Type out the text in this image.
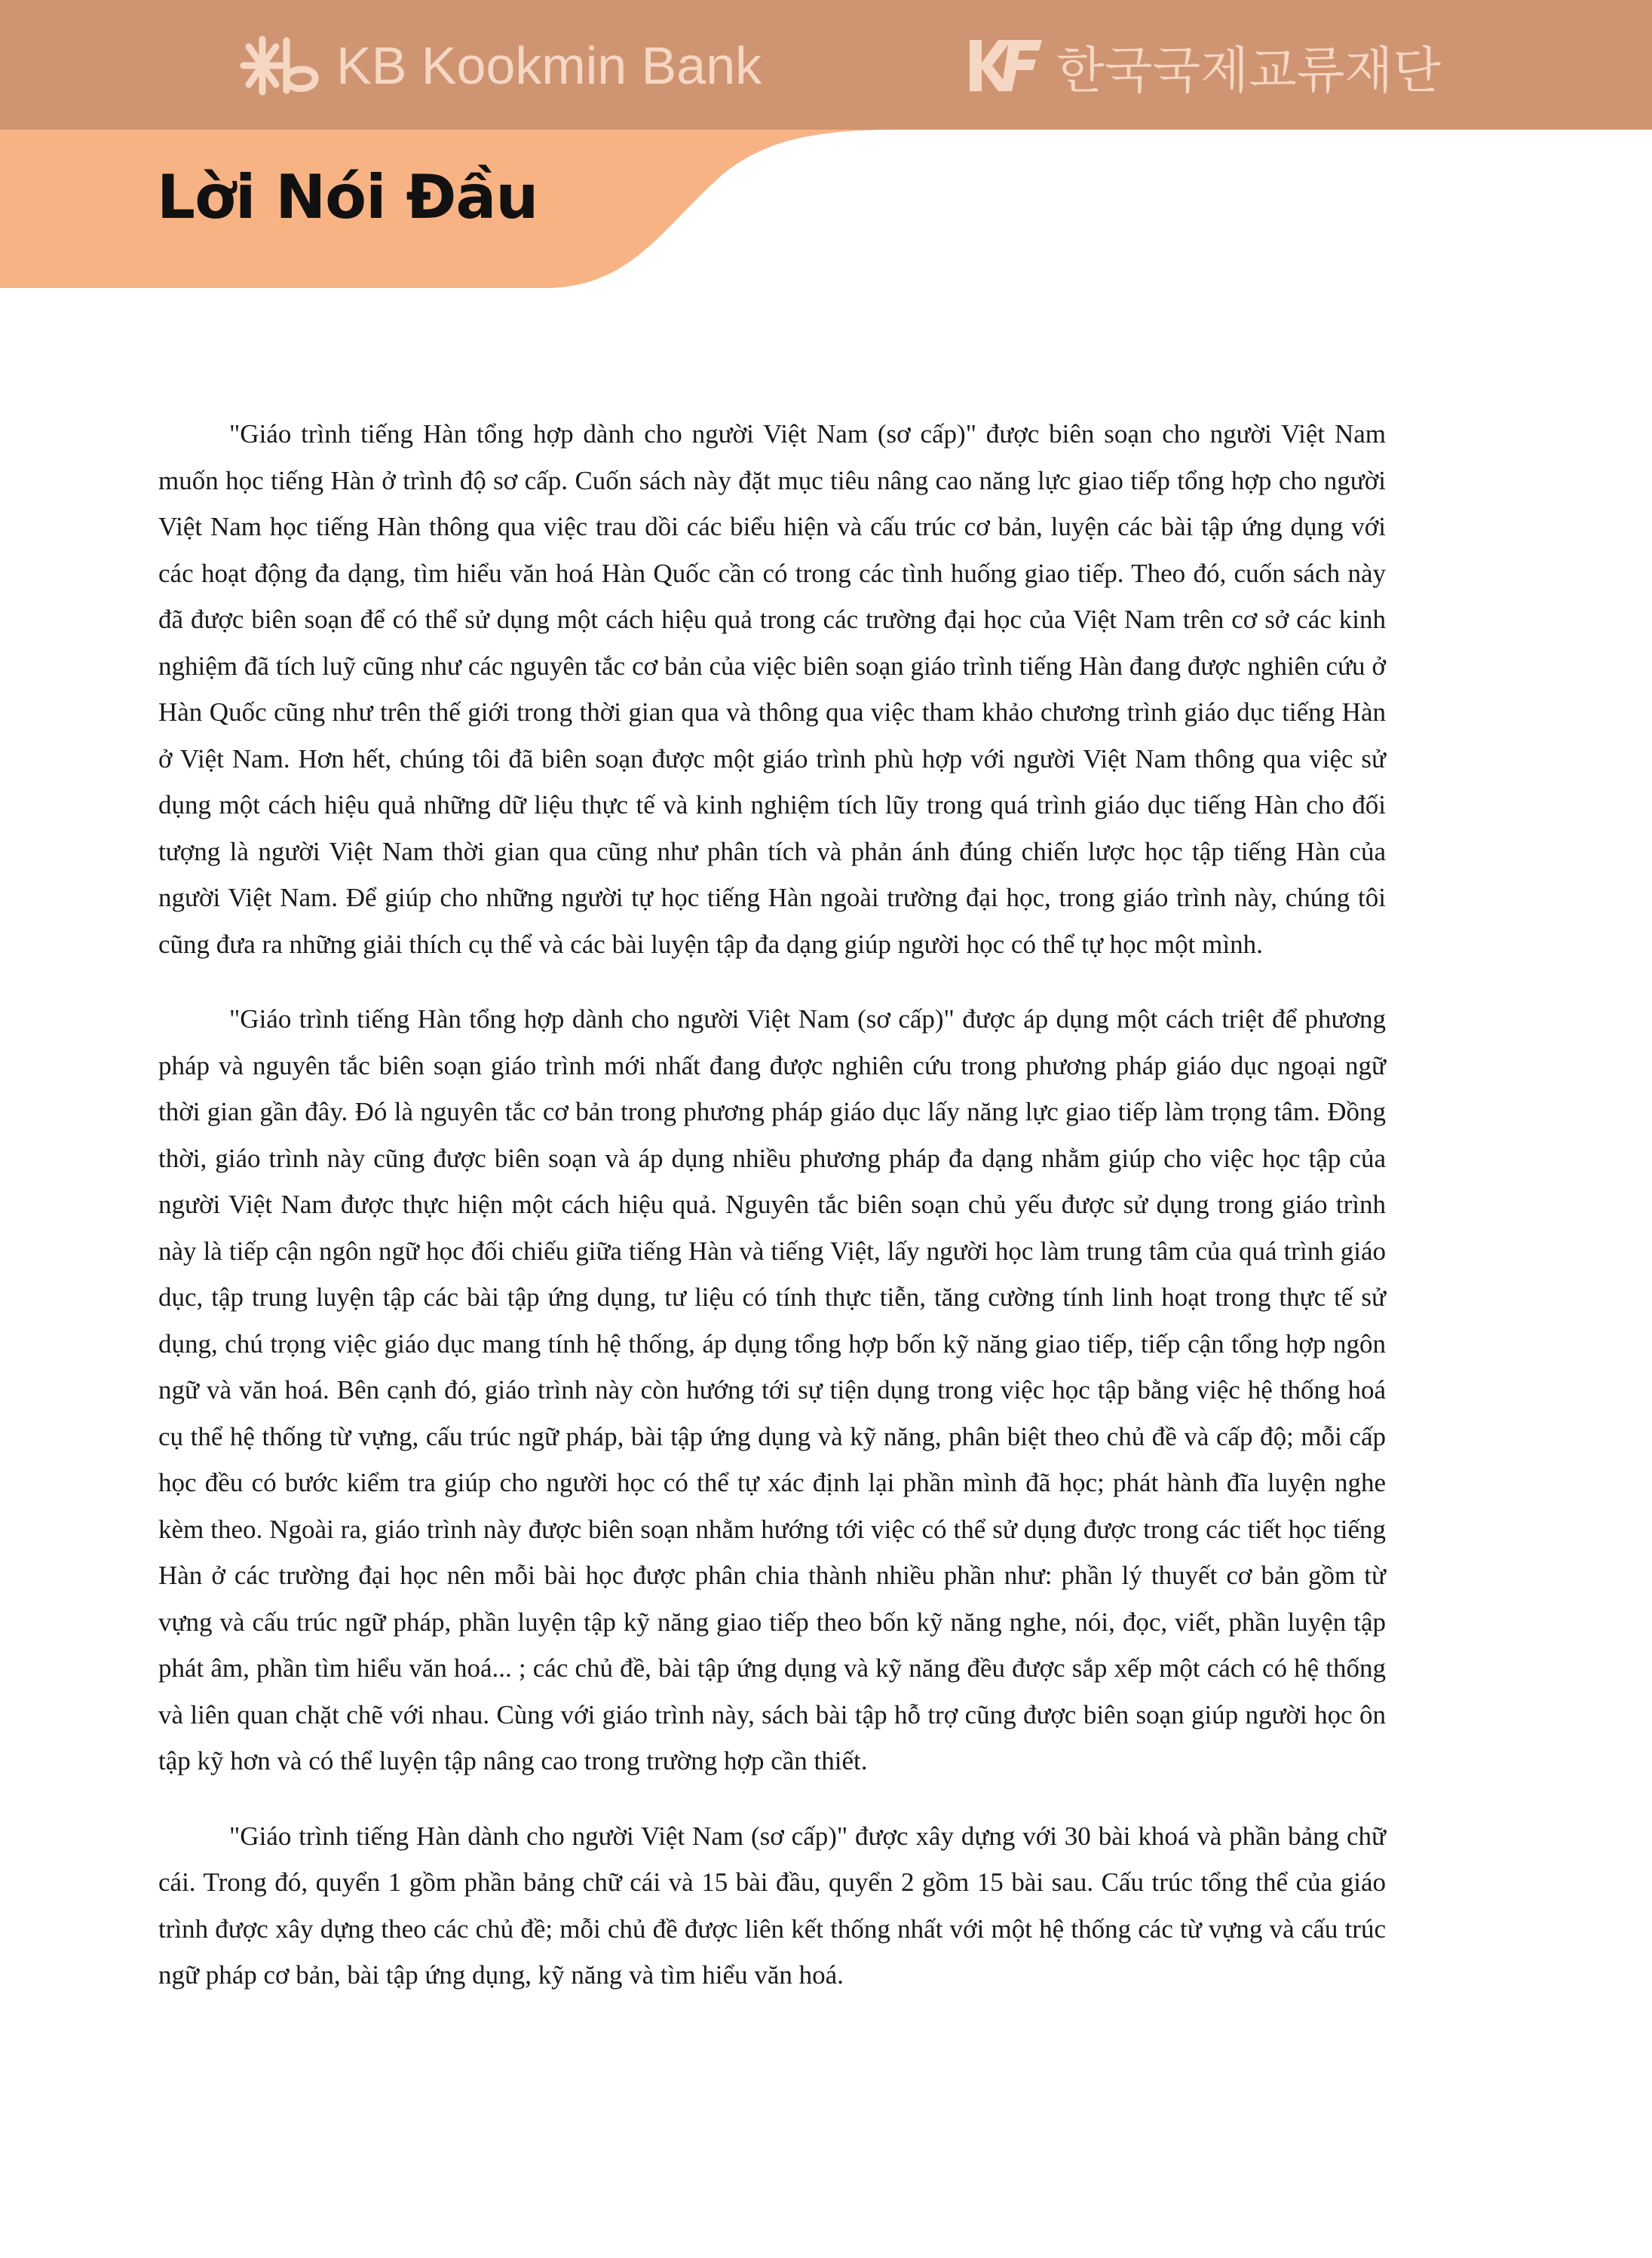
KB Kookmin Bank	한국국제교류재단
Lời Nói Đầu

"Giáo trình tiếng Hàn tổng hợp dành cho người Việt Nam (sơ cấp)" được biên soạn cho người Việt Nam muốn học tiếng Hàn ở trình độ sơ cấp. Cuốn sách này đặt mục tiêu nâng cao năng lực giao tiếp tổng hợp cho người Việt Nam học tiếng Hàn thông qua việc trau dồi các biểu hiện và cấu trúc cơ bản, luyện các bài tập ứng dụng với các hoạt động đa dạng, tìm hiểu văn hoá Hàn Quốc cần có trong các tình huống giao tiếp. Theo đó, cuốn sách này đã được biên soạn để có thể sử dụng một cách hiệu quả trong các trường đại học của Việt Nam trên cơ sở các kinh nghiệm đã tích luỹ cũng như các nguyên tắc cơ bản của việc biên soạn giáo trình tiếng Hàn đang được nghiên cứu ở Hàn Quốc cũng như trên thế giới trong thời gian qua và thông qua việc tham khảo chương trình giáo dục tiếng Hàn ở Việt Nam. Hơn hết, chúng tôi đã biên soạn được một giáo trình phù hợp với người Việt Nam thông qua việc sử dụng một cách hiệu quả những dữ liệu thực tế và kinh nghiệm tích lũy trong quá trình giáo dục tiếng Hàn cho đối tượng là người Việt Nam thời gian qua cũng như phân tích và phản ánh đúng chiến lược học tập tiếng Hàn của người Việt Nam. Để giúp cho những người tự học tiếng Hàn ngoài trường đại học, trong giáo trình này, chúng tôi cũng đưa ra những giải thích cụ thể và các bài luyện tập đa dạng giúp người học có thể tự học một mình.

"Giáo trình tiếng Hàn tổng hợp dành cho người Việt Nam (sơ cấp)" được áp dụng một cách triệt để phương pháp và nguyên tắc biên soạn giáo trình mới nhất đang được nghiên cứu trong phương pháp giáo dục ngoại ngữ thời gian gần đây. Đó là nguyên tắc cơ bản trong phương pháp giáo dục lấy năng lực giao tiếp làm trọng tâm. Đồng thời, giáo trình này cũng được biên soạn và áp dụng nhiều phương pháp đa dạng nhằm giúp cho việc học tập của người Việt Nam được thực hiện một cách hiệu quả. Nguyên tắc biên soạn chủ yếu được sử dụng trong giáo trình này là tiếp cận ngôn ngữ học đối chiếu giữa tiếng Hàn và tiếng Việt, lấy người học làm trung tâm của quá trình giáo dục, tập trung luyện tập các bài tập ứng dụng, tư liệu có tính thực tiễn, tăng cường tính linh hoạt trong thực tế sử dụng, chú trọng việc giáo dục mang tính hệ thống, áp dụng tổng hợp bốn kỹ năng giao tiếp, tiếp cận tổng hợp ngôn ngữ và văn hoá. Bên cạnh đó, giáo trình này còn hướng tới sự tiện dụng trong việc học tập bằng việc hệ thống hoá cụ thể hệ thống từ vựng, cấu trúc ngữ pháp, bài tập ứng dụng và kỹ năng, phân biệt theo chủ đề và cấp độ; mỗi cấp học đều có bước kiểm tra giúp cho người học có thể tự xác định lại phần mình đã học; phát hành đĩa luyện nghe kèm theo. Ngoài ra, giáo trình này được biên soạn nhằm hướng tới việc có thể sử dụng được trong các tiết học tiếng Hàn ở các trường đại học nên mỗi bài học được phân chia thành nhiều phần như: phần lý thuyết cơ bản gồm từ vựng và cấu trúc ngữ pháp, phần luyện tập kỹ năng giao tiếp theo bốn kỹ năng nghe, nói, đọc, viết, phần luyện tập phát âm, phần tìm hiểu văn hoá... ; các chủ đề, bài tập ứng dụng và kỹ năng đều được sắp xếp một cách có hệ thống và liên quan chặt chẽ với nhau. Cùng với giáo trình này, sách bài tập hỗ trợ cũng được biên soạn giúp người học ôn tập kỹ hơn và có thể luyện tập nâng cao trong trường hợp cần thiết.

"Giáo trình tiếng Hàn dành cho người Việt Nam (sơ cấp)" được xây dựng với 30 bài khoá và phần bảng chữ cái. Trong đó, quyển 1 gồm phần bảng chữ cái và 15 bài đầu, quyển 2 gồm 15 bài sau. Cấu trúc tổng thể của giáo trình được xây dựng theo các chủ đề; mỗi chủ đề được liên kết thống nhất với một hệ thống các từ vựng và cấu trúc ngữ pháp cơ bản, bài tập ứng dụng, kỹ năng và tìm hiểu văn hoá.
